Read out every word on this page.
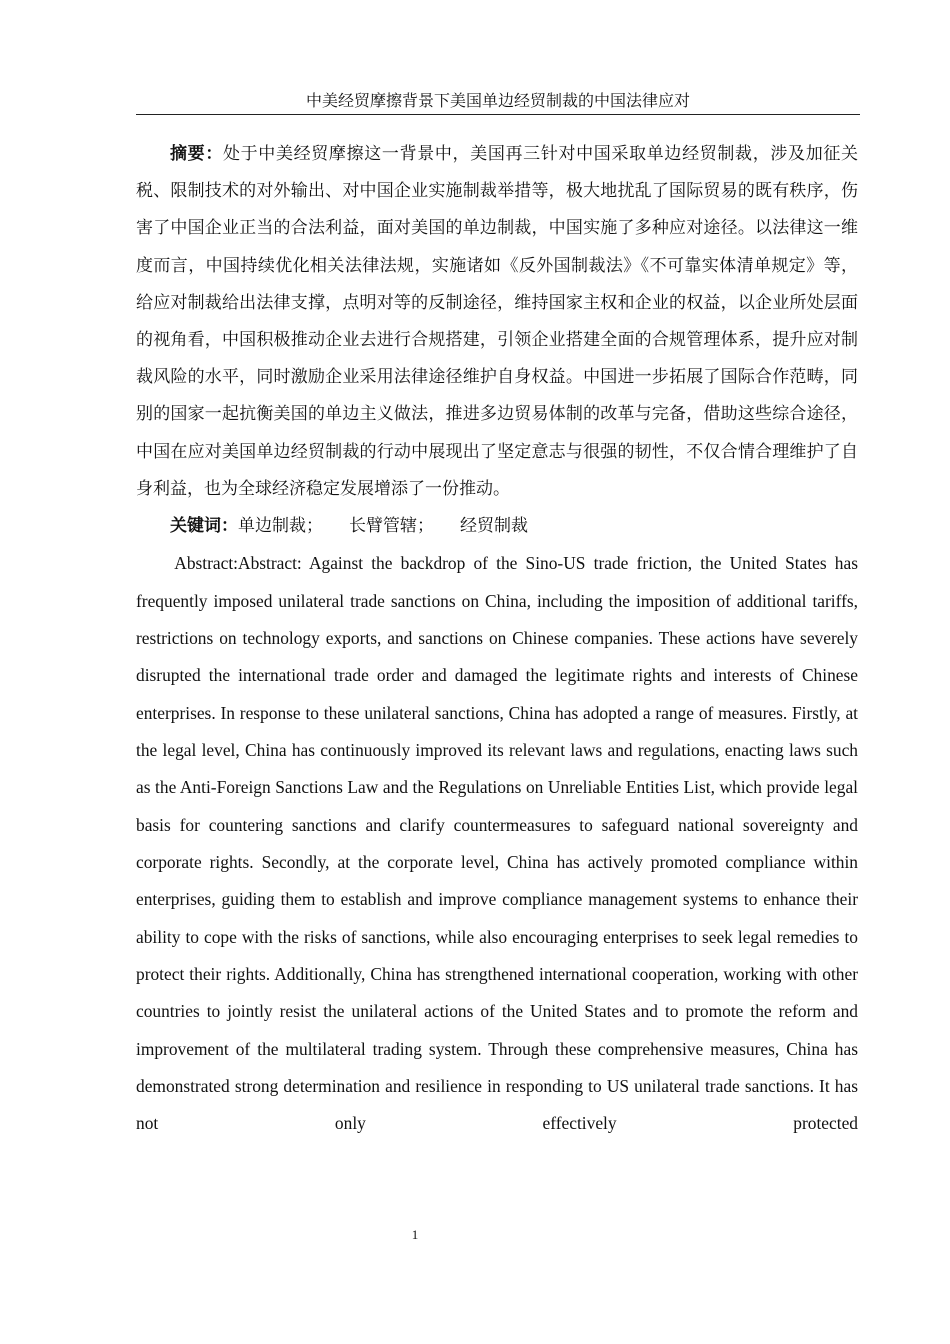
中美经贸摩擦背景下美国单边经贸制裁的中国法律应对

摘要：处于中美经贸摩擦这一背景中，美国再三针对中国采取单边经贸制裁，涉及加征关税、限制技术的对外输出、对中国企业实施制裁举措等，极大地扰乱了国际贸易的既有秩序，伤害了中国企业正当的合法利益，面对美国的单边制裁，中国实施了多种应对途径。以法律这一维度而言，中国持续优化相关法律法规，实施诸如《反外国制裁法》《不可靠实体清单规定》等，给应对制裁给出法律支撑，点明对等的反制途径，维持国家主权和企业的权益，以企业所处层面的视角看，中国积极推动企业去进行合规搭建，引领企业搭建全面的合规管理体系，提升应对制裁风险的水平，同时激励企业采用法律途径维护自身权益。中国进一步拓展了国际合作范畴，同别的国家一起抗衡美国的单边主义做法，推进多边贸易体制的改革与完备，借助这些综合途径，中国在应对美国单边经贸制裁的行动中展现出了坚定意志与很强的韧性，不仅合情合理维护了自身利益，也为全球经济稳定发展增添了一份推动。

关键词：单边制裁； 长臂管辖； 经贸制裁

Abstract:Abstract: Against the backdrop of the Sino-US trade friction, the United States has frequently imposed unilateral trade sanctions on China, including the imposition of additional tariffs, restrictions on technology exports, and sanctions on Chinese companies. These actions have severely disrupted the international trade order and damaged the legitimate rights and interests of Chinese enterprises. In response to these unilateral sanctions, China has adopted a range of measures. Firstly, at the legal level, China has continuously improved its relevant laws and regulations, enacting laws such as the Anti-Foreign Sanctions Law and the Regulations on Unreliable Entities List, which provide legal basis for countering sanctions and clarify countermeasures to safeguard national sovereignty and corporate rights. Secondly, at the corporate level, China has actively promoted compliance within enterprises, guiding them to establish and improve compliance management systems to enhance their ability to cope with the risks of sanctions, while also encouraging enterprises to seek legal remedies to protect their rights. Additionally, China has strengthened international cooperation, working with other countries to jointly resist the unilateral actions of the United States and to promote the reform and improvement of the multilateral trading system. Through these comprehensive measures, China has demonstrated strong determination and resilience in responding to US unilateral trade sanctions. It has not only effectively protected

1
